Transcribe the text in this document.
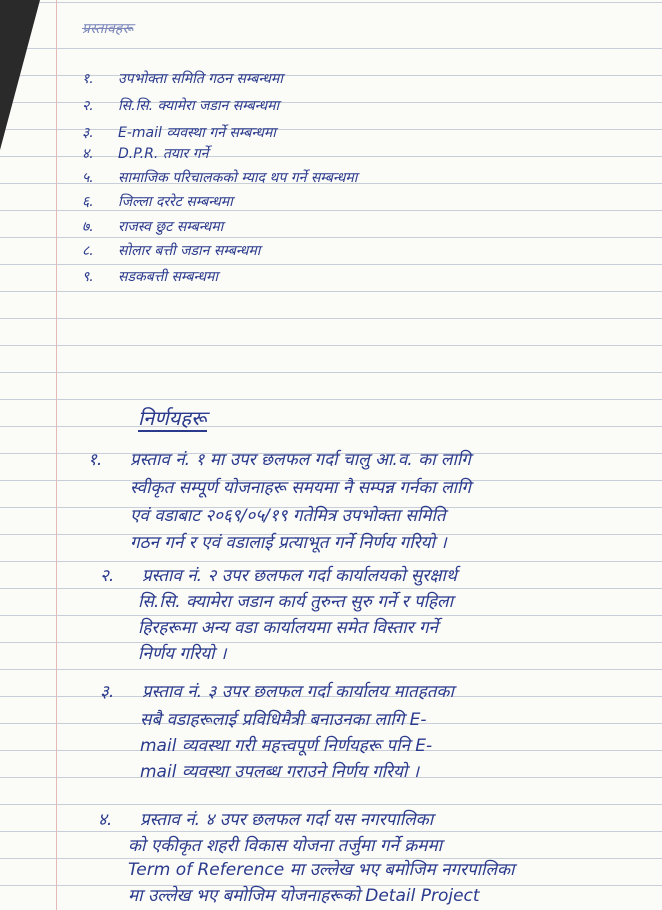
प्रस्तावहरू
१. उपभोक्ता समिति गठन सम्बन्धमा
२. सि.सि. क्यामेरा जडान सम्बन्धमा
३. E-mail व्यवस्था गर्ने सम्बन्धमा
४. D.P.R. तयार गर्ने
५. सामाजिक परिचालकको म्याद थप गर्ने सम्बन्धमा
६. जिल्ला दररेट सम्बन्धमा
७. राजस्व छुट सम्बन्धमा
८. सोलार बत्ती जडान सम्बन्धमा
९. सडकबत्ती सम्बन्धमा
निर्णयहरू
१. प्रस्ताव नं. १ मा उपर छलफल गर्दा चालु आ.व. का लागि
स्वीकृत सम्पूर्ण योजनाहरू समयमा नै सम्पन्न गर्नका लागि
एवं वडाबाट २०६९/०५/१९ गतेमित्र उपभोक्ता समिति
गठन गर्न र एवं वडालाई प्रत्याभूत गर्ने निर्णय गरियो ।
२. प्रस्ताव नं. २ उपर छलफल गर्दा कार्यालयको सुरक्षार्थ
सि.सि. क्यामेरा जडान कार्य तुरुन्त सुरु गर्ने र पहिला
हिरहरूमा अन्य वडा कार्यालयमा समेत विस्तार गर्ने
निर्णय गरियो ।
३. प्रस्ताव नं. ३ उपर छलफल गर्दा कार्यालय मातहतका
सबै वडाहरूलाई प्रविधिमैत्री बनाउनका लागि E-
mail व्यवस्था गरी महत्त्वपूर्ण निर्णयहरू पनि E-
mail व्यवस्था उपलब्ध गराउने निर्णय गरियो ।
४. प्रस्ताव नं. ४ उपर छलफल गर्दा यस नगरपालिका
को एकीकृत शहरी विकास योजना तर्जुमा गर्ने क्रममा
Term of Reference मा उल्लेख भए बमोजिम नगरपालिका
मा उल्लेख भए बमोजिम योजनाहरूको Detail Project
